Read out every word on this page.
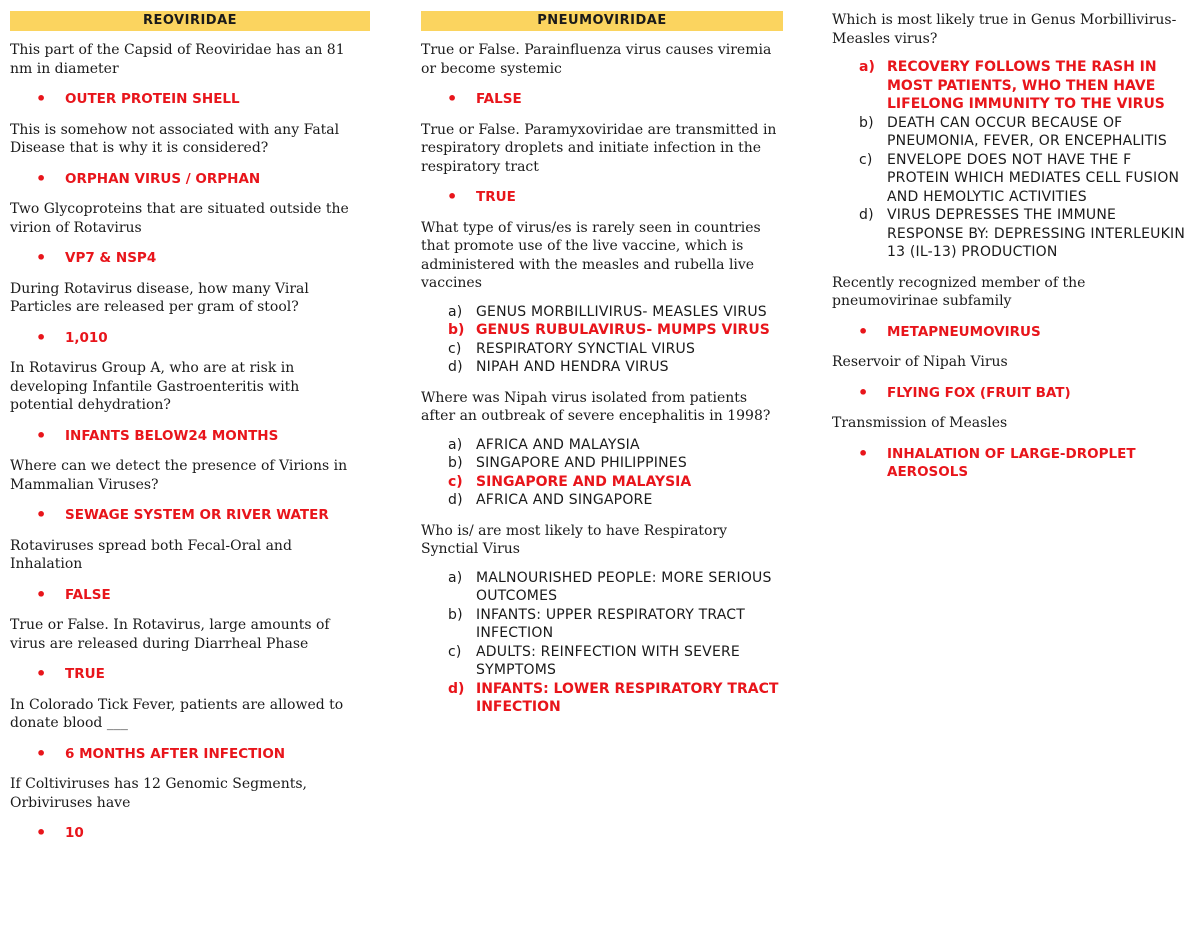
REOVIRIDAE

This part of the Capsid of Reoviridae has an 81 nm in diameter

• OUTER PROTEIN SHELL

This is somehow not associated with any Fatal Disease that is why it is considered?

• ORPHAN VIRUS / ORPHAN

Two Glycoproteins that are situated outside the virion of Rotavirus

• VP7 & NSP4

During Rotavirus disease, how many Viral Particles are released per gram of stool?

• 1,010

In Rotavirus Group A, who are at risk in developing Infantile Gastroenteritis with potential dehydration?

• INFANTS BELOW24 MONTHS

Where can we detect the presence of Virions in Mammalian Viruses?

• SEWAGE SYSTEM OR RIVER WATER

Rotaviruses spread both Fecal-Oral and Inhalation

• FALSE

True or False. In Rotavirus, large amounts of virus are released during Diarrheal Phase

• TRUE

In Colorado Tick Fever, patients are allowed to donate blood ___

• 6 MONTHS AFTER INFECTION

If Coltiviruses has 12 Genomic Segments, Orbiviruses have

• 10
PNEUMOVIRIDAE

True or False. Parainfluenza virus causes viremia or become systemic

• FALSE

True or False. Paramyxoviridae are transmitted in respiratory droplets and initiate infection in the respiratory tract

• TRUE

What type of virus/es is rarely seen in countries that promote use of the live vaccine, which is administered with the measles and rubella live vaccines

a) GENUS MORBILLIVIRUS- MEASLES VIRUS
b) GENUS RUBULAVIRUS- MUMPS VIRUS
c) RESPIRATORY SYNCTIAL VIRUS
d) NIPAH AND HENDRA VIRUS

Where was Nipah virus isolated from patients after an outbreak of severe encephalitis in 1998?

a) AFRICA AND MALAYSIA
b) SINGAPORE AND PHILIPPINES
c) SINGAPORE AND MALAYSIA
d) AFRICA AND SINGAPORE

Who is/ are most likely to have Respiratory Synctial Virus

a) MALNOURISHED PEOPLE: MORE SERIOUS OUTCOMES
b) INFANTS: UPPER RESPIRATORY TRACT INFECTION
c) ADULTS: REINFECTION WITH SEVERE SYMPTOMS
d) INFANTS: LOWER RESPIRATORY TRACT INFECTION

Which is most likely true in Genus Morbillivirus-Measles virus?

a) RECOVERY FOLLOWS THE RASH IN MOST PATIENTS, WHO THEN HAVE LIFELONG IMMUNITY TO THE VIRUS
b) DEATH CAN OCCUR BECAUSE OF PNEUMONIA, FEVER, OR ENCEPHALITIS
c) ENVELOPE DOES NOT HAVE THE F PROTEIN WHICH MEDIATES CELL FUSION AND HEMOLYTIC ACTIVITIES
d) VIRUS DEPRESSES THE IMMUNE RESPONSE BY: DEPRESSING INTERLEUKIN 13 (IL-13) PRODUCTION

Recently recognized member of the pneumovirinae subfamily

• METAPNEUMOVIRUS

Reservoir of Nipah Virus

• FLYING FOX (FRUIT BAT)

Transmission of Measles

• INHALATION OF LARGE-DROPLET AEROSOLS
